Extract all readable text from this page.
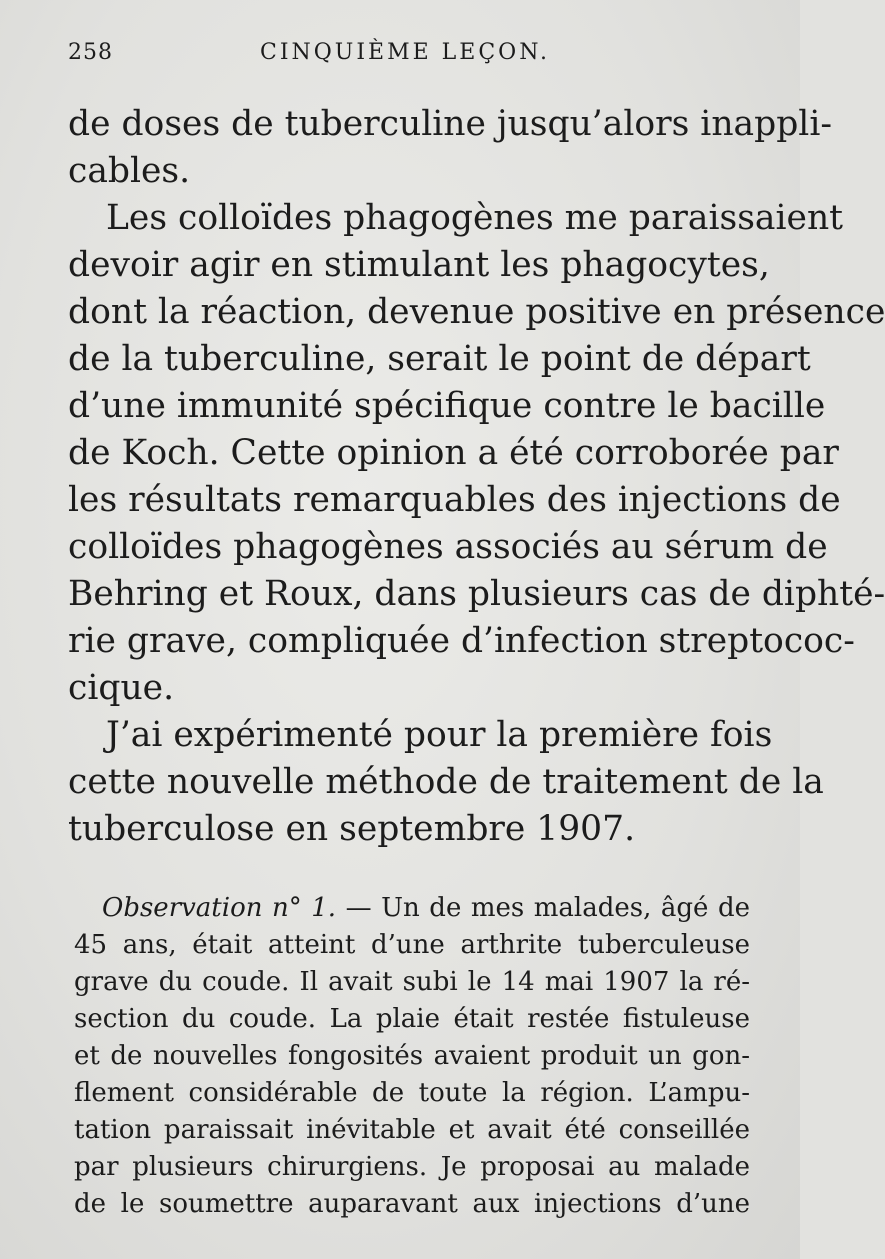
258	CINQUIÈME LEÇON.
de doses de tuberculine jusqu’alors inappli-
cables.
Les colloïdes phagogènes me paraissaient
devoir agir en stimulant les phagocytes,
dont la réaction, devenue positive en présence
de la tuberculine, serait le point de départ
d’une immunité spécifique contre le bacille
de Koch. Cette opinion a été corroborée par
les résultats remarquables des injections de
colloïdes phagogènes associés au sérum de
Behring et Roux, dans plusieurs cas de diphté-
rie grave, compliquée d’infection streptococ-
cique.
J’ai expérimenté pour la première fois
cette nouvelle méthode de traitement de la
tuberculose en septembre 1907.
Observation n° 1. — Un de mes malades, âgé de
45 ans, était atteint d’une arthrite tuberculeuse
grave du coude. Il avait subi le 14 mai 1907 la ré-
section du coude. La plaie était restée fistuleuse
et de nouvelles fongosités avaient produit un gon-
flement considérable de toute la région. L’ampu-
tation paraissait inévitable et avait été conseillée
par plusieurs chirurgiens. Je proposai au malade
de le soumettre auparavant aux injections d’une
